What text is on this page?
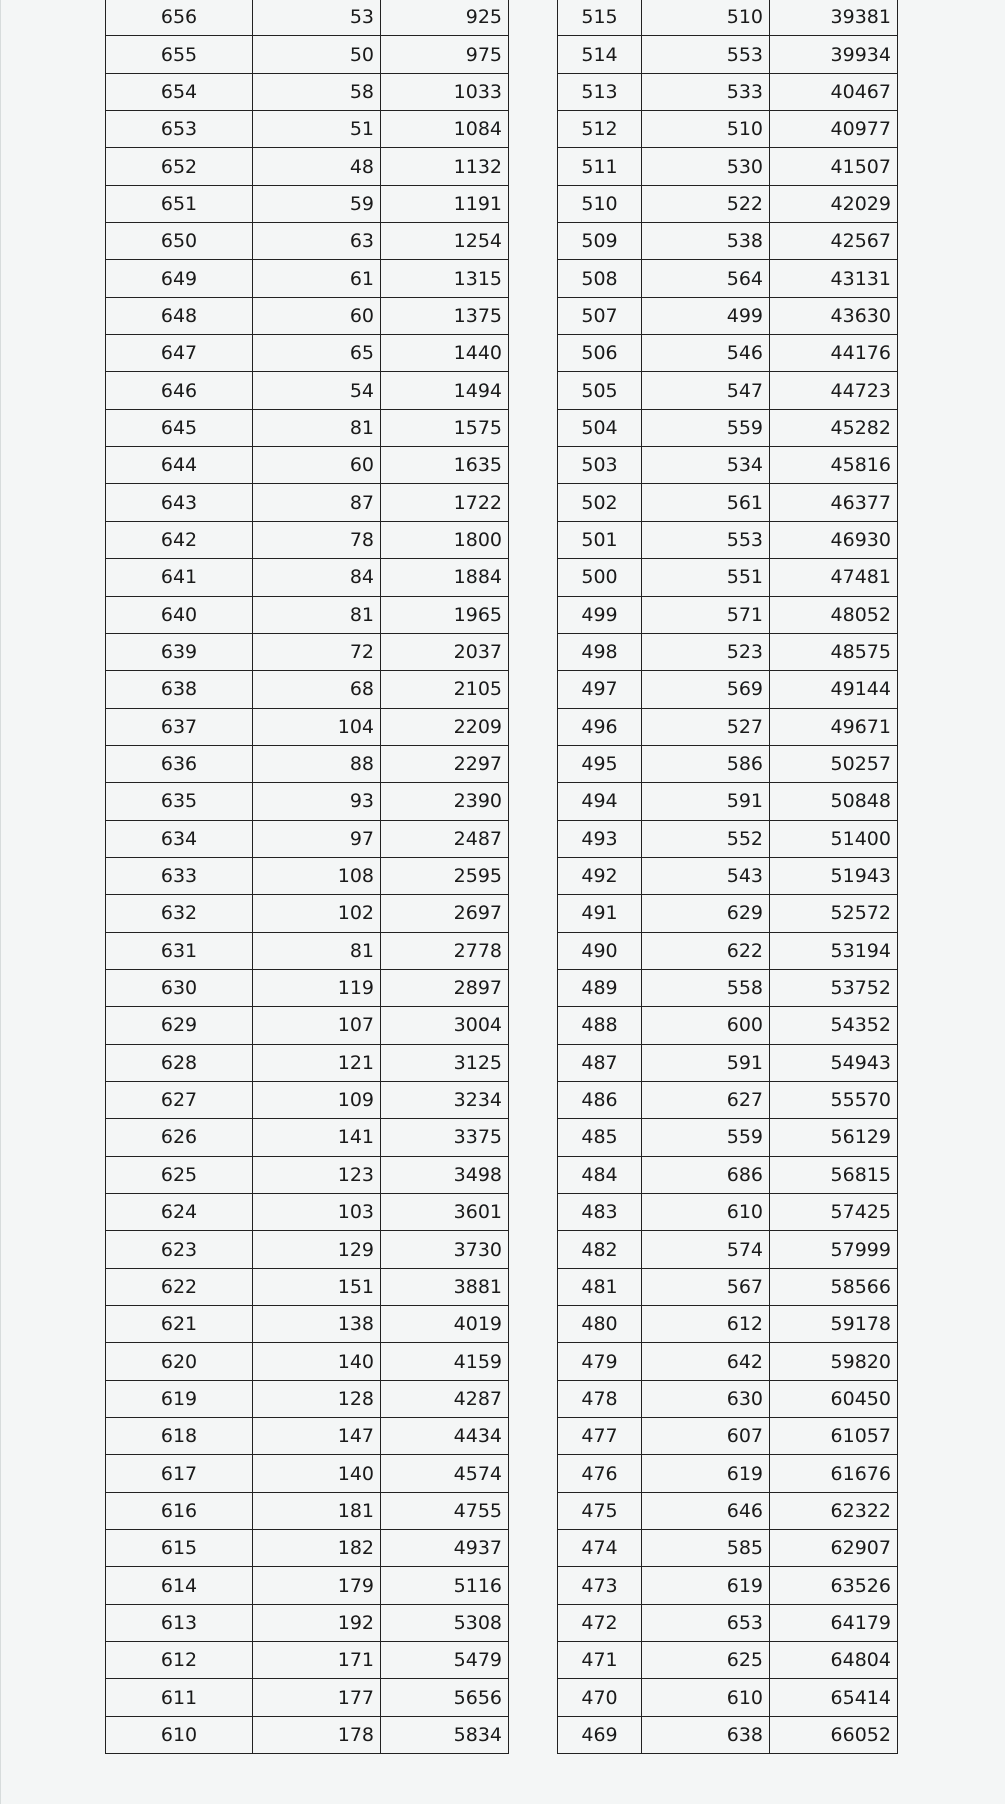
656	53	925
655	50	975
654	58	1033
653	51	1084
652	48	1132
651	59	1191
650	63	1254
649	61	1315
648	60	1375
647	65	1440
646	54	1494
645	81	1575
644	60	1635
643	87	1722
642	78	1800
641	84	1884
640	81	1965
639	72	2037
638	68	2105
637	104	2209
636	88	2297
635	93	2390
634	97	2487
633	108	2595
632	102	2697
631	81	2778
630	119	2897
629	107	3004
628	121	3125
627	109	3234
626	141	3375
625	123	3498
624	103	3601
623	129	3730
622	151	3881
621	138	4019
620	140	4159
619	128	4287
618	147	4434
617	140	4574
616	181	4755
615	182	4937
614	179	5116
613	192	5308
612	171	5479
611	177	5656
610	178	5834
515	510	39381
514	553	39934
513	533	40467
512	510	40977
511	530	41507
510	522	42029
509	538	42567
508	564	43131
507	499	43630
506	546	44176
505	547	44723
504	559	45282
503	534	45816
502	561	46377
501	553	46930
500	551	47481
499	571	48052
498	523	48575
497	569	49144
496	527	49671
495	586	50257
494	591	50848
493	552	51400
492	543	51943
491	629	52572
490	622	53194
489	558	53752
488	600	54352
487	591	54943
486	627	55570
485	559	56129
484	686	56815
483	610	57425
482	574	57999
481	567	58566
480	612	59178
479	642	59820
478	630	60450
477	607	61057
476	619	61676
475	646	62322
474	585	62907
473	619	63526
472	653	64179
471	625	64804
470	610	65414
469	638	66052
